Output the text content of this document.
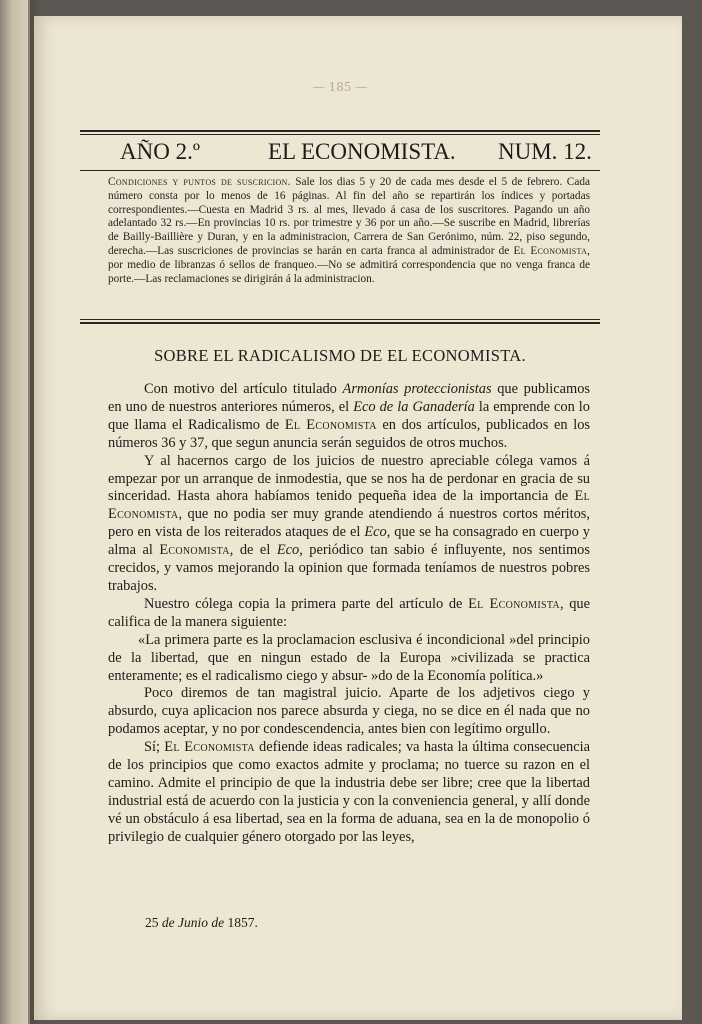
— 185 —
AÑO 2.º	EL ECONOMISTA. NUM. 12.
Condiciones y puntos de suscricion. Sale los dias 5 y 20 de cada mes desde el 5 de febrero. Cada número consta por lo menos de 16 páginas. Al fin del año se repartirán los índices y portadas correspondientes.—Cuesta en Madrid 3 rs. al mes, llevado á casa de los suscritores. Pagando un año adelantado 32 rs.—En provincias 10 rs. por trimestre y 36 por un año.—Se suscribe en Madrid, librerías de Bailly-Baillière y Duran, y en la administracion, Carrera de San Gerónimo, núm. 22, piso segundo, derecha.—Las suscriciones de provincias se harán en carta franca al administrador de El Economista, por medio de libranzas ó sellos de franqueo.—No se admitirá correspondencia que no venga franca de porte.—Las reclamaciones se dirigirán á la administracion.
SOBRE EL RADICALISMO DE EL ECONOMISTA.

Con motivo del artículo titulado Armonías proteccionistas que publicamos en uno de nuestros anteriores números, el Eco de la Ganadería la emprende con lo que llama el Radicalismo de El Economista en dos artículos, publicados en los números 36 y 37, que segun anuncia serán seguidos de otros muchos.

Y al hacernos cargo de los juicios de nuestro apreciable cólega vamos á empezar por un arranque de inmodestia, que se nos ha de perdonar en gracia de su sinceridad. Hasta ahora habíamos tenido pequeña idea de la importancia de El Economista, que no podia ser muy grande atendiendo á nuestros cortos méritos, pero en vista de los reiterados ataques de el Eco, que se ha consagrado en cuerpo y alma al Economista, de el Eco, periódico tan sabio é influyente, nos sentimos crecidos, y vamos mejorando la opinion que formada teníamos de nuestros pobres trabajos.

Nuestro cólega copia la primera parte del artículo de El Economista, que califica de la manera siguiente:

«La primera parte es la proclamacion esclusiva é incondicional »del principio de la libertad, que en ningun estado de la Europa »civilizada se practica enteramente; es el radicalismo ciego y absur- »do de la Economía política.»

Poco diremos de tan magistral juicio. Aparte de los adjetivos ciego y absurdo, cuya aplicacion nos parece absurda y ciega, no se dice en él nada que no podamos aceptar, y no por condescendencia, antes bien con legítimo orgullo.

Sí; El Economista defiende ideas radicales; va hasta la última consecuencia de los principios que como exactos admite y proclama; no tuerce su razon en el camino. Admite el principio de que la industria debe ser libre; cree que la libertad industrial está de acuerdo con la justicia y con la conveniencia general, y allí donde vé un obstáculo á esa libertad, sea en la forma de aduana, sea en la de monopolio ó privilegio de cualquier género otorgado por las leyes,

25 de Junio de 1857.
